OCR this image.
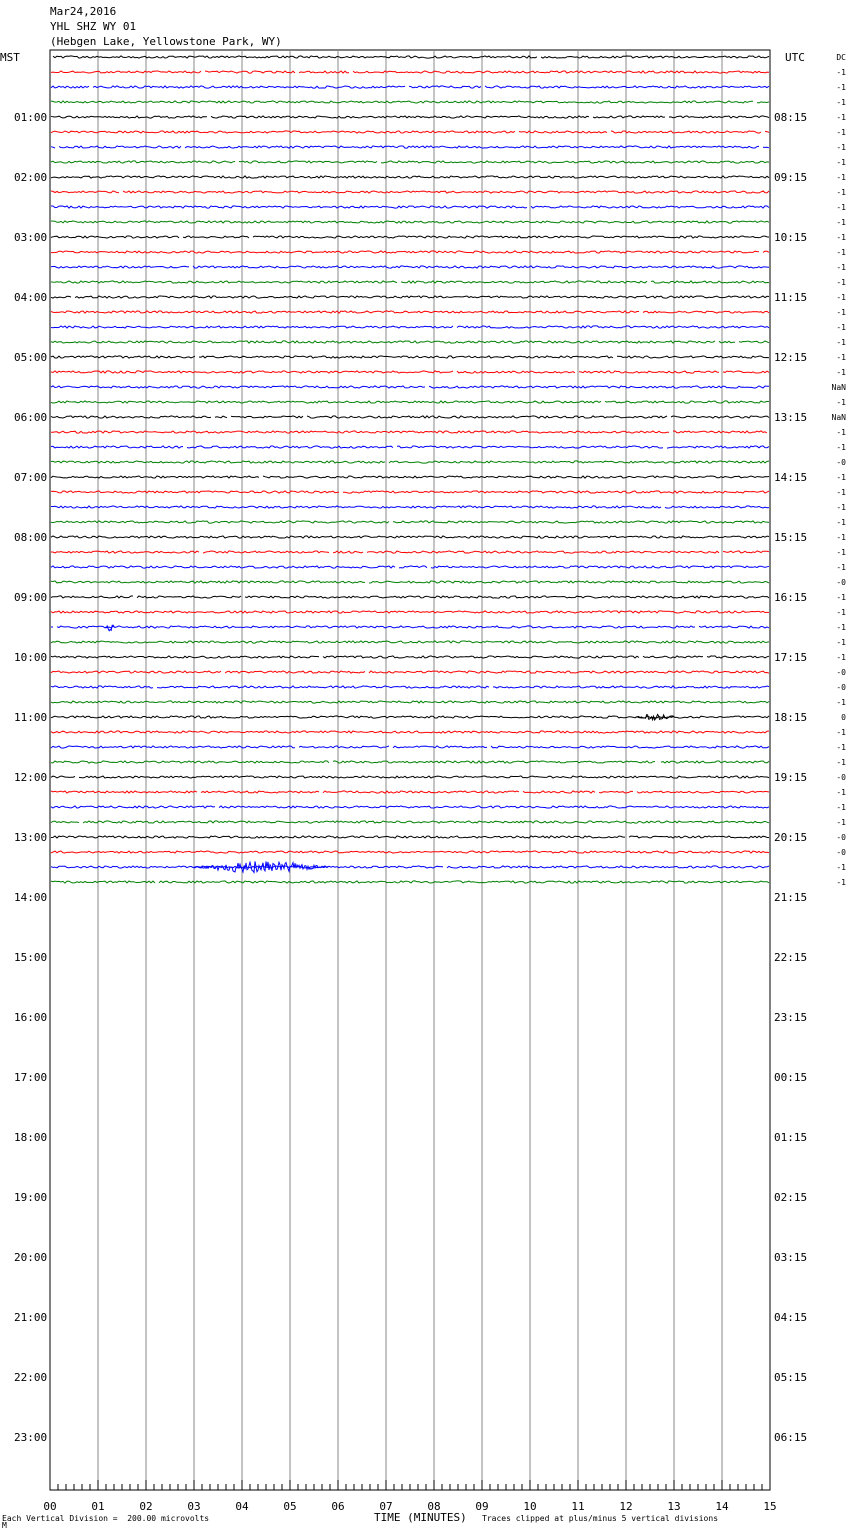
Mar24,2016
YHL SHZ WY 01
(Hebgen Lake, Yellowstone Park, WY)
DC
-1
-1
-1
-1
-1
-1
-1
-1
-1
-1
-1
-1
-1
-1
-1
-1
-1
-1
-1
-1
-1
NaN
-1
NaN
-1
-1
-0
-1
-1
-1
-1
-1
-1
-1
-0
-1
-1
-1
-1
-1
-0
-0
-1
0
-1
-1
-1
-0
-1
-1
-1
-0
-0
-1
-1
MST	UTC
01:00
02:00
03:00
04:00
05:00
06:00
07:00
08:00
09:00
10:00
11:00
12:00
13:00
14:00
15:00
16:00
17:00
18:00
19:00
20:00
21:00
22:00
23:00
08:15
09:15
10:15
11:15
12:15
13:15
14:15
15:15
16:15
17:15
18:15
19:15
20:15
21:15
22:15
23:15
00:15
01:15
02:15
03:15
04:15
05:15
06:15
00	01	02	03	04	05	06	07	08	09	10	11	12	13	14	15
M
Each Vertical Division =  200.00 microvolts	TIME (MINUTES) Traces clipped at plus/minus 5 vertical divisions
